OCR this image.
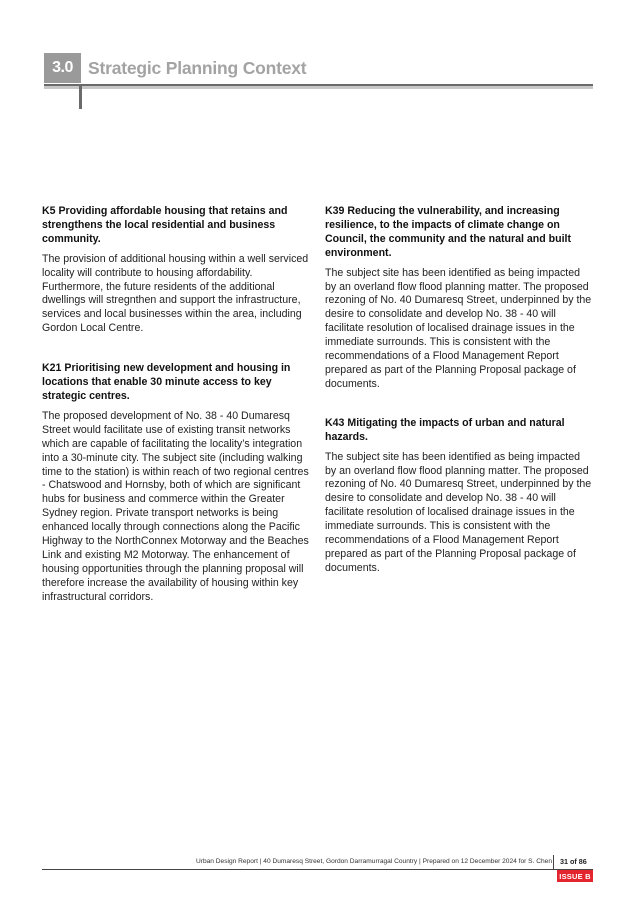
3.0 Strategic Planning Context
K5 Providing affordable housing that retains and strengthens the local residential and business community.

The provision of additional housing within a well serviced locality will contribute to housing affordability. Furthermore, the future residents of the additional dwellings will stregnthen and support the infrastructure, services and local businesses within the area, including Gordon Local Centre.

K21 Prioritising new development and housing in locations that enable 30 minute access to key strategic centres.

The proposed development of No. 38 - 40 Dumaresq Street would facilitate use of existing transit networks which are capable of facilitating the locality’s integration into a 30-minute city. The subject site (including walking time to the station) is within reach of two regional centres - Chatswood and Hornsby, both of which are significant hubs for business and commerce within the Greater Sydney region. Private transport networks is being enhanced locally through connections along the Pacific Highway to the NorthConnex Motorway and the Beaches Link and existing M2 Motorway. The enhancement of housing opportunities through the planning proposal will therefore increase the availability of housing within key infrastructural corridors.

K39 Reducing the vulnerability, and increasing resilience, to the impacts of climate change on Council, the community and the natural and built environment.

The subject site has been identified as being impacted by an overland flow flood planning matter. The proposed rezoning of No. 40 Dumaresq Street, underpinned by the desire to consolidate and develop No. 38 - 40 will facilitate resolution of localised drainage issues in the immediate surrounds. This is consistent with the recommendations of a Flood Management Report prepared as part of the Planning Proposal package of documents.

K43 Mitigating the impacts of urban and natural hazards.

The subject site has been identified as being impacted by an overland flow flood planning matter. The proposed rezoning of No. 40 Dumaresq Street, underpinned by the desire to consolidate and develop No. 38 - 40 will facilitate resolution of localised drainage issues in the immediate surrounds. This is consistent with the recommendations of a Flood Management Report prepared as part of the Planning Proposal package of documents.

Urban Design Report | 40 Dumaresq Street, Gordon Darramurragal Country | Prepared on 12 December 2024 for S. Chen 31 of 86
ISSUE B
